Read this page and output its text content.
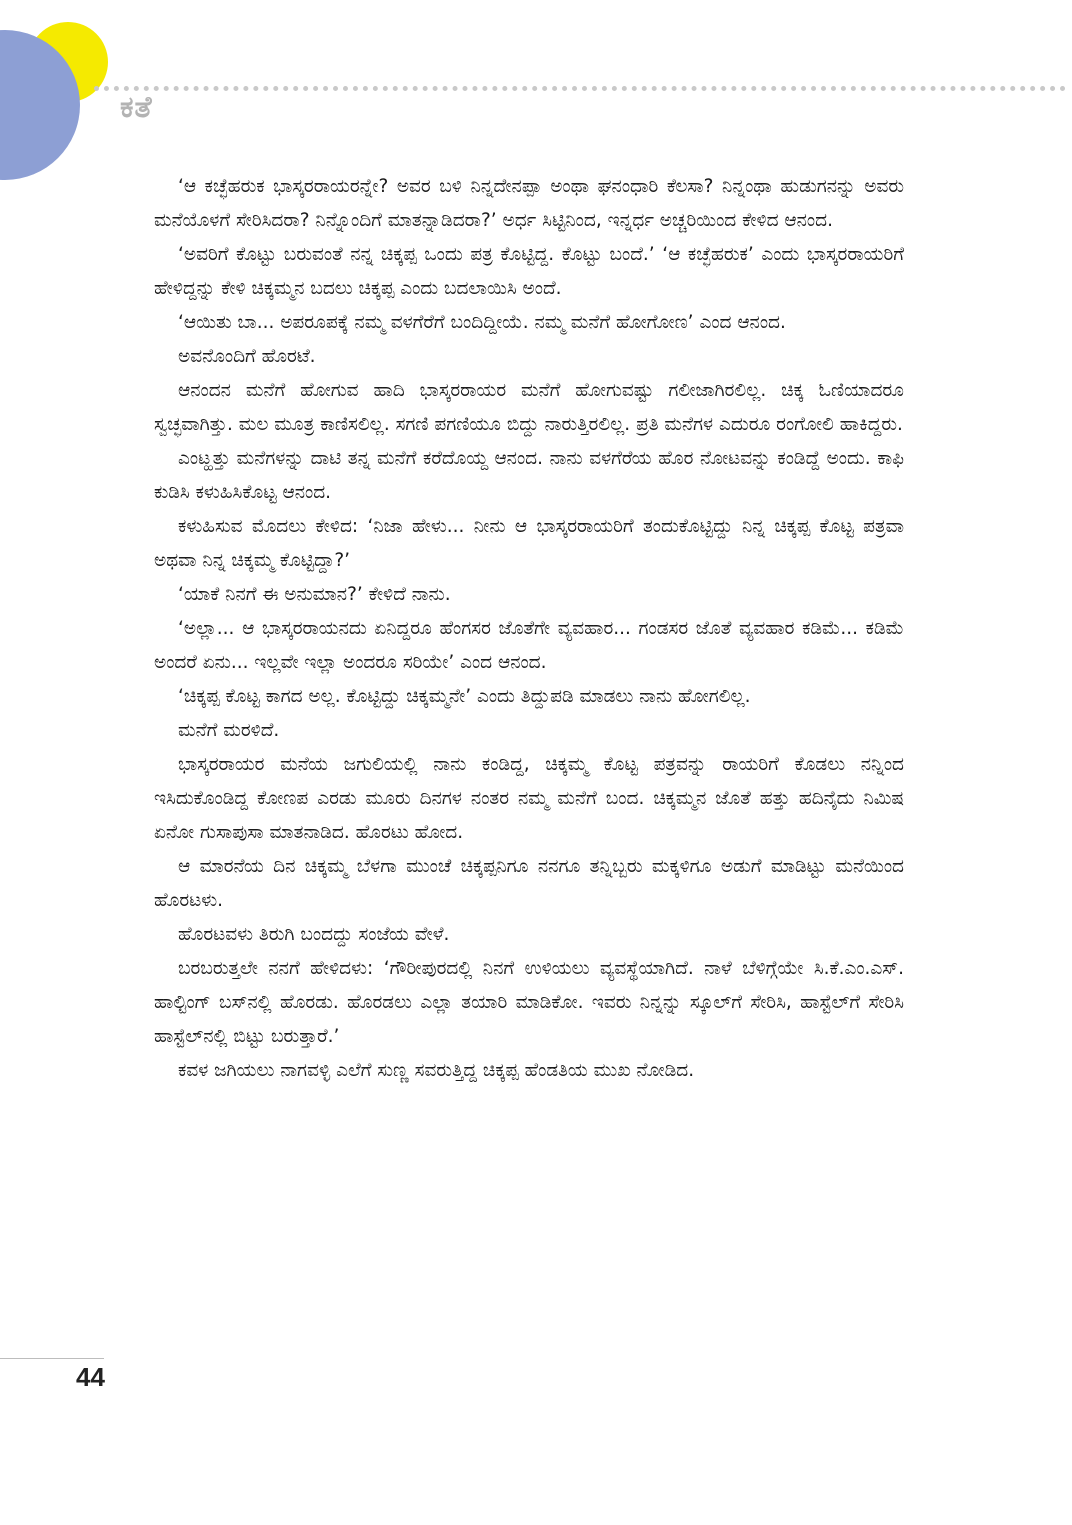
ಕತೆ

‘ಆ ಕಚ್ಛೆಹರುಕ ಭಾಸ್ಕರರಾಯರನ್ನೇ? ಅವರ ಬಳಿ ನಿನ್ನದೇನಪ್ಪಾ ಅಂಥಾ ಘನಂಧಾರಿ ಕೆಲಸಾ? ನಿನ್ನಂಥಾ ಹುಡುಗನನ್ನು ಅವರು ಮನೆಯೊಳಗೆ ಸೇರಿಸಿದರಾ? ನಿನ್ನೊಂದಿಗೆ ಮಾತನ್ನಾಡಿದರಾ?’ ಅರ್ಧ ಸಿಟ್ಟಿನಿಂದ, ಇನ್ನರ್ಧ ಅಚ್ಚರಿಯಿಂದ ಕೇಳಿದ ಆನಂದ.

‘ಅವರಿಗೆ ಕೊಟ್ಟು ಬರುವಂತೆ ನನ್ನ ಚಿಕ್ಕಪ್ಪ ಒಂದು ಪತ್ರ ಕೊಟ್ಟಿದ್ದ. ಕೊಟ್ಟು ಬಂದೆ.’ ‘ಆ ಕಚ್ಛೆಹರುಕ’ ಎಂದು ಭಾಸ್ಕರರಾಯರಿಗೆ ಹೇಳಿದ್ದನ್ನು ಕೇಳಿ ಚಿಕ್ಕಮ್ಮನ ಬದಲು ಚಿಕ್ಕಪ್ಪ ಎಂದು ಬದಲಾಯಿಸಿ ಅಂದೆ.

‘ಆಯಿತು ಬಾ... ಅಪರೂಪಕ್ಕೆ ನಮ್ಮ ವಳಗೆರೆಗೆ ಬಂದಿದ್ದೀಯೆ. ನಮ್ಮ ಮನೆಗೆ ಹೋಗೋಣ’ ಎಂದ ಆನಂದ.

ಅವನೊಂದಿಗೆ ಹೊರಟೆ.

ಆನಂದನ ಮನೆಗೆ ಹೋಗುವ ಹಾದಿ ಭಾಸ್ಕರರಾಯರ ಮನೆಗೆ ಹೋಗುವಷ್ಟು ಗಲೀಜಾಗಿರಲಿಲ್ಲ. ಚಿಕ್ಕ ಓಣಿಯಾದರೂ ಸ್ವಚ್ಛವಾಗಿತ್ತು. ಮಲ ಮೂತ್ರ ಕಾಣಿಸಲಿಲ್ಲ. ಸಗಣಿ ಪಗಣಿಯೂ ಬಿದ್ದು ನಾರುತ್ತಿರಲಿಲ್ಲ. ಪ್ರತಿ ಮನೆಗಳ ಎದುರೂ ರಂಗೋಲಿ ಹಾಕಿದ್ದರು.

ಎಂಟ್ಹತ್ತು ಮನೆಗಳನ್ನು ದಾಟಿ ತನ್ನ ಮನೆಗೆ ಕರೆದೊಯ್ದ ಆನಂದ. ನಾನು ವಳಗೆರೆಯ ಹೊರ ನೋಟವನ್ನು ಕಂಡಿದ್ದೆ ಅಂದು. ಕಾಫಿ ಕುಡಿಸಿ ಕಳುಹಿಸಿಕೊಟ್ಟ ಆನಂದ.

ಕಳುಹಿಸುವ ಮೊದಲು ಕೇಳಿದ: ‘ನಿಜಾ ಹೇಳು... ನೀನು ಆ ಭಾಸ್ಕರರಾಯರಿಗೆ ತಂದುಕೊಟ್ಟಿದ್ದು ನಿನ್ನ ಚಿಕ್ಕಪ್ಪ ಕೊಟ್ಟ ಪತ್ರವಾ ಅಥವಾ ನಿನ್ನ ಚಿಕ್ಕಮ್ಮ ಕೊಟ್ಟಿದ್ದಾ?’

‘ಯಾಕೆ ನಿನಗೆ ಈ ಅನುಮಾನ?’ ಕೇಳಿದೆ ನಾನು.

‘ಅಲ್ಲಾ... ಆ ಭಾಸ್ಕರರಾಯನದು ಏನಿದ್ದರೂ ಹೆಂಗಸರ ಜೊತೆಗೇ ವ್ಯವಹಾರ... ಗಂಡಸರ ಜೊತೆ ವ್ಯವಹಾರ ಕಡಿಮೆ... ಕಡಿಮೆ ಅಂದರೆ ಏನು... ಇಲ್ಲವೇ ಇಲ್ಲಾ ಅಂದರೂ ಸರಿಯೇ’ ಎಂದ ಆನಂದ.

‘ಚಿಕ್ಕಪ್ಪ ಕೊಟ್ಟ ಕಾಗದ ಅಲ್ಲ. ಕೊಟ್ಟಿದ್ದು ಚಿಕ್ಕಮ್ಮನೇ’ ಎಂದು ತಿದ್ದುಪಡಿ ಮಾಡಲು ನಾನು ಹೋಗಲಿಲ್ಲ.

ಮನೆಗೆ ಮರಳಿದೆ.

ಭಾಸ್ಕರರಾಯರ ಮನೆಯ ಜಗುಲಿಯಲ್ಲಿ ನಾನು ಕಂಡಿದ್ದ, ಚಿಕ್ಕಮ್ಮ ಕೊಟ್ಟ ಪತ್ರವನ್ನು ರಾಯರಿಗೆ ಕೊಡಲು ನನ್ನಿಂದ ಇಸಿದುಕೊಂಡಿದ್ದ ಕೋಣಪ ಎರಡು ಮೂರು ದಿನಗಳ ನಂತರ ನಮ್ಮ ಮನೆಗೆ ಬಂದ. ಚಿಕ್ಕಮ್ಮನ ಜೊತೆ ಹತ್ತು ಹದಿನೈದು ನಿಮಿಷ ಏನೋ ಗುಸಾಪುಸಾ ಮಾತನಾಡಿದ. ಹೊರಟು ಹೋದ.

ಆ ಮಾರನೆಯ ದಿನ ಚಿಕ್ಕಮ್ಮ ಬೆಳಗಾ ಮುಂಚೆ ಚಿಕ್ಕಪ್ಪನಿಗೂ ನನಗೂ ತನ್ನಿಬ್ಬರು ಮಕ್ಕಳಿಗೂ ಅಡುಗೆ ಮಾಡಿಟ್ಟು ಮನೆಯಿಂದ ಹೊರಟಳು.

ಹೊರಟವಳು ತಿರುಗಿ ಬಂದದ್ದು ಸಂಜೆಯ ವೇಳೆ.

ಬರಬರುತ್ತಲೇ ನನಗೆ ಹೇಳಿದಳು: ‘ಗೌರೀಪುರದಲ್ಲಿ ನಿನಗೆ ಉಳಿಯಲು ವ್ಯವಸ್ಥೆಯಾಗಿದೆ. ನಾಳೆ ಬೆಳಿಗ್ಗೆಯೇ ಸಿ.ಕೆ.ಎಂ.ಎಸ್. ಹಾಲ್ಟಿಂಗ್ ಬಸ್‌ನಲ್ಲಿ ಹೊರಡು. ಹೊರಡಲು ಎಲ್ಲಾ ತಯಾರಿ ಮಾಡಿಕೋ. ಇವರು ನಿನ್ನನ್ನು ಸ್ಕೂಲ್‌ಗೆ ಸೇರಿಸಿ, ಹಾಸ್ಟೆಲ್‌ಗೆ ಸೇರಿಸಿ ಹಾಸ್ಟೆಲ್‌ನಲ್ಲಿ ಬಿಟ್ಟು ಬರುತ್ತಾರೆ.’

ಕವಳ ಜಗಿಯಲು ನಾಗವಳ್ಳಿ ಎಲೆಗೆ ಸುಣ್ಣ ಸವರುತ್ತಿದ್ದ ಚಿಕ್ಕಪ್ಪ ಹೆಂಡತಿಯ ಮುಖ ನೋಡಿದ.

44
